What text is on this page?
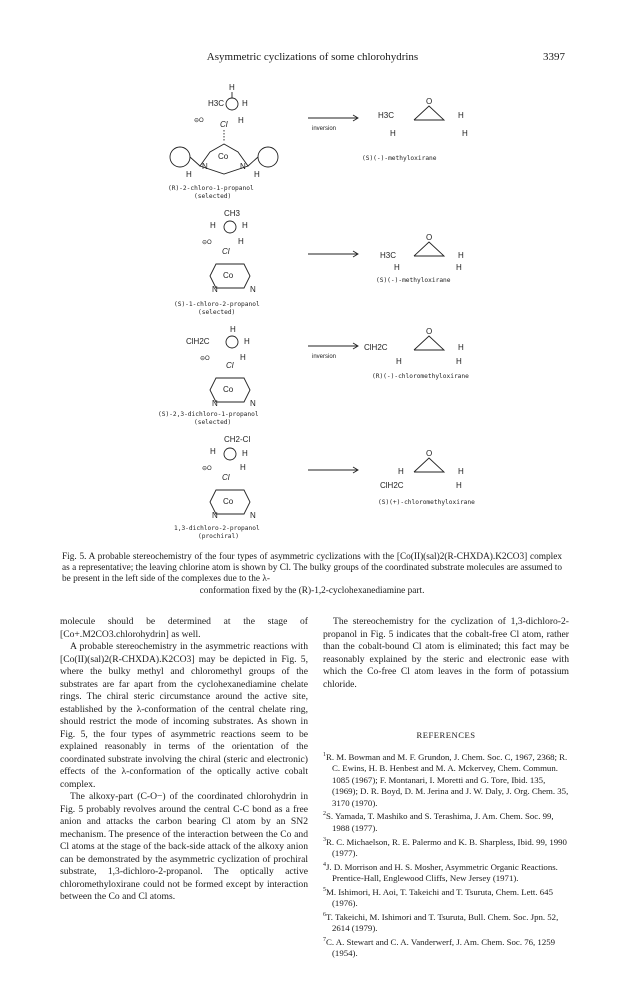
Asymmetric cyclizations of some chlorohydrins	3397
H
H3C H
H
⊖O Cl
Co
N	N
H	H
inversion
O
H3C	H
H	H
(S)(-)-methyloxirane
(R)-2-chloro-1-propanol
(selected)
CH3
H	H
⊖O	H
Cl
Co
N	N
O
H3C	H
H	H
(S)(-)-methyloxirane
(S)-1-chloro-2-propanol
(selected)
H
ClH2C	H
⊖O	H
Cl
Co
N	N
inversion
O
ClH2C	H
H	H
(R)(-)-chloromethyloxirane
(S)-2,3-dichloro-1-propanol
(selected)
CH2-Cl
H	H
⊖O	H
Cl
Co
N	N
O
H	H
ClH2C	H
(S)(+)-chloromethyloxirane
1,3-dichloro-2-propanol
(prochiral)
Fig. 5. A probable stereochemistry of the four types of asymmetric cyclizations with the [Co(II)(sal)2(R-CHXDA).K2CO3] complex as a representative; the leaving chlorine atom is shown by Cl. The bulky groups of the coordinated substrate molecules are assumed to be present in the left side of the complexes due to the λ-
conformation fixed by the (R)-1,2-cyclohexanediamine part.

molecule should be determined at the stage of [Co+.M2CO3.chlorohydrin] as well.

A probable stereochemistry in the asymmetric reactions with [Co(II)(sal)2(R-CHXDA).K2CO3] may be depicted in Fig. 5, where the bulky methyl and chloromethyl groups of the substrates are far apart from the cyclohexanediamine chelate rings. The chiral steric circumstance around the active site, established by the λ-conformation of the central chelate ring, should restrict the mode of incoming substrates. As shown in Fig. 5, the four types of asymmetric reactions seem to be explained reasonably in terms of the orientation of the coordinated substrate involving the chiral (steric and electronic) effects of the λ-conformation of the optically active cobalt complex.

The alkoxy-part (C-O−) of the coordinated chlorohydrin in Fig. 5 probably revolves around the central C-C bond as a free anion and attacks the carbon bearing Cl atom by an SN2 mechanism. The presence of the interaction between the Co and Cl atoms at the stage of the back-side attack of the alkoxy anion can be demonstrated by the asymmetric cyclization of prochiral substrate, 1,3-dichloro-2-propanol. The optically active chloromethyloxirane could not be formed except by interaction between the Co and Cl atoms.

The stereochemistry for the cyclization of 1,3-dichloro-2-propanol in Fig. 5 indicates that the cobalt-free Cl atom, rather than the cobalt-bound Cl atom is eliminated; this fact may be reasonably explained by the steric and electronic ease with which the Co-free Cl atom leaves in the form of potassium chloride.

REFERENCES

$^1$R. M. Bowman and M. F. Grundon, J. Chem. Soc. C, 1967, 2368; R. C. Ewins, H. B. Henbest and M. A. Mckervey, Chem. Commun. 1085 (1967); F. Montanari, I. Moretti and G. Tore, Ibid. 135, (1969); D. R. Boyd, D. M. Jerina and J. W. Daly, J. Org. Chem. 35, 3170 (1970).

$^2$S. Yamada, T. Mashiko and S. Terashima, J. Am. Chem. Soc. 99, 1988 (1977).

$^3$R. C. Michaelson, R. E. Palermo and K. B. Sharpless, Ibid. 99, 1990 (1977).

$^4$J. D. Morrison and H. S. Mosher, Asymmetric Organic Reactions. Prentice-Hall, Englewood Cliffs, New Jersey (1971).

$^5$M. Ishimori, H. Aoi, T. Takeichi and T. Tsuruta, Chem. Lett. 645 (1976).

$^6$T. Takeichi, M. Ishimori and T. Tsuruta, Bull. Chem. Soc. Jpn. 52, 2614 (1979).

$^7$C. A. Stewart and C. A. Vanderwerf, J. Am. Chem. Soc. 76, 1259 (1954).
